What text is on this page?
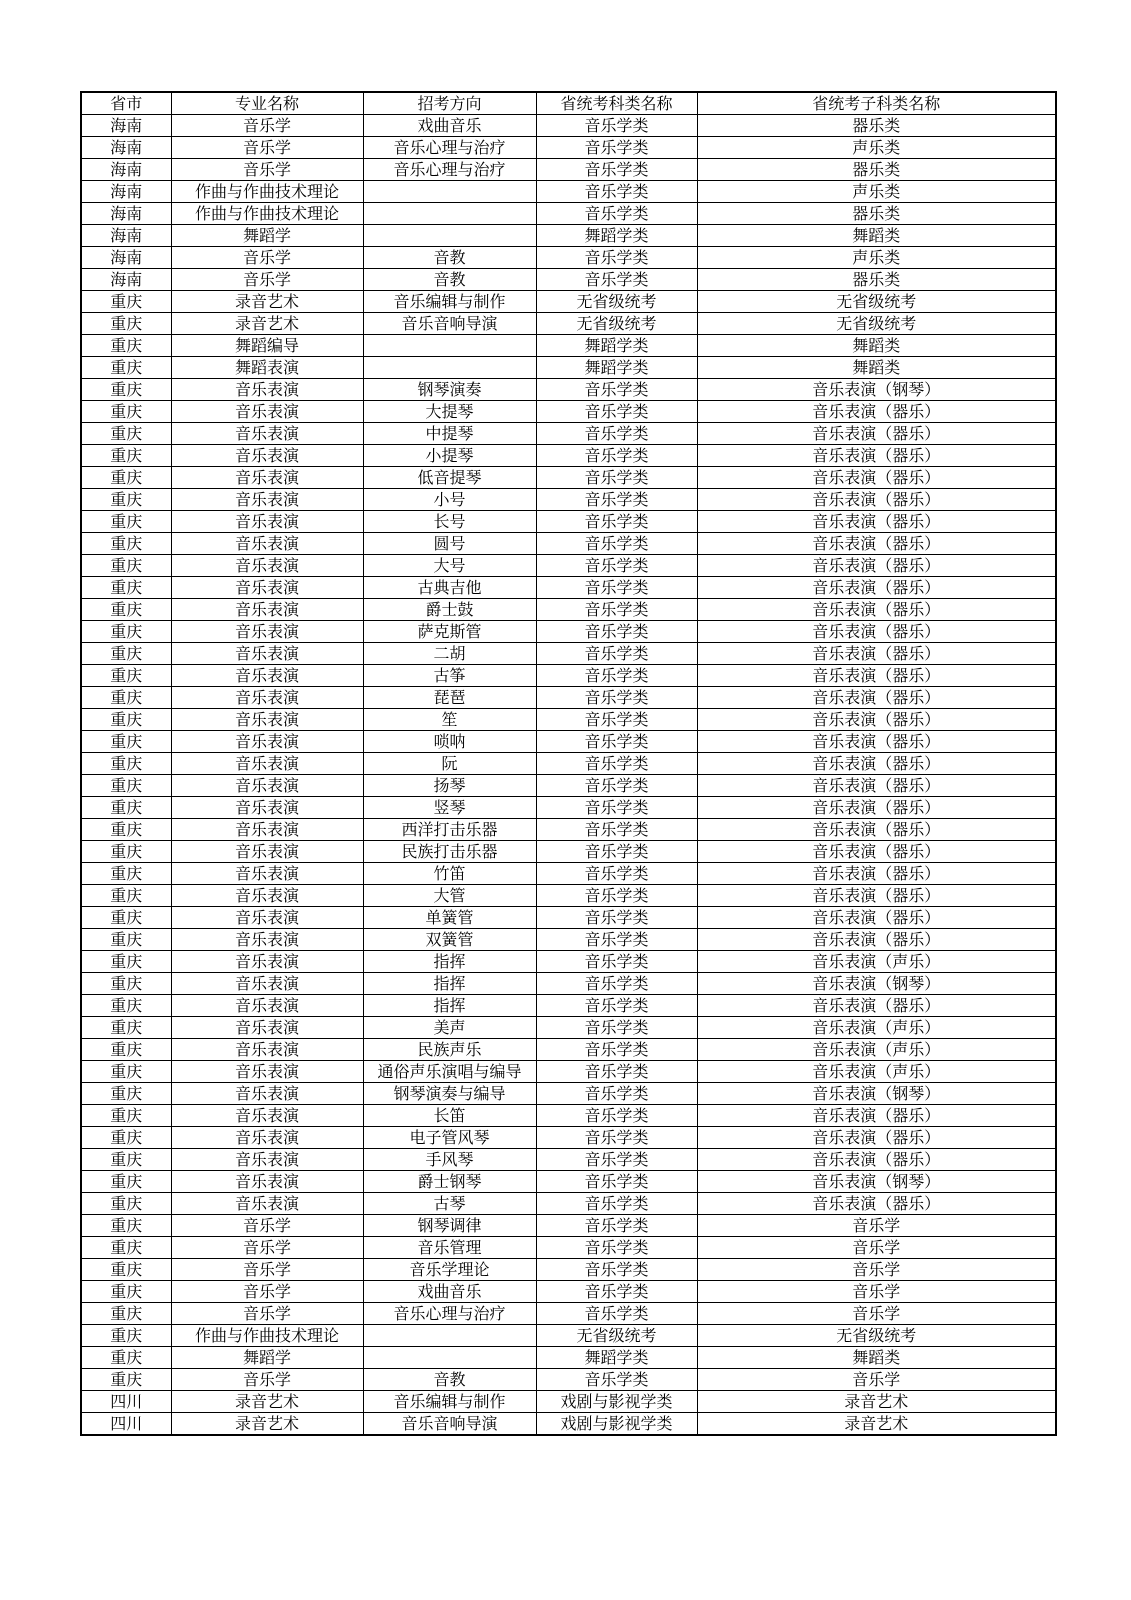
省市	专业名称	招考方向	省统考科类名称	省统考子科类名称
海南	音乐学	戏曲音乐	音乐学类	器乐类
海南	音乐学	音乐心理与治疗	音乐学类	声乐类
海南	音乐学	音乐心理与治疗	音乐学类	器乐类
海南	作曲与作曲技术理论		音乐学类	声乐类
海南	作曲与作曲技术理论		音乐学类	器乐类
海南	舞蹈学		舞蹈学类	舞蹈类
海南	音乐学	音教	音乐学类	声乐类
海南	音乐学	音教	音乐学类	器乐类
重庆	录音艺术	音乐编辑与制作	无省级统考	无省级统考
重庆	录音艺术	音乐音响导演	无省级统考	无省级统考
重庆	舞蹈编导		舞蹈学类	舞蹈类
重庆	舞蹈表演		舞蹈学类	舞蹈类
重庆	音乐表演	钢琴演奏	音乐学类	音乐表演（钢琴）
重庆	音乐表演	大提琴	音乐学类	音乐表演（器乐）
重庆	音乐表演	中提琴	音乐学类	音乐表演（器乐）
重庆	音乐表演	小提琴	音乐学类	音乐表演（器乐）
重庆	音乐表演	低音提琴	音乐学类	音乐表演（器乐）
重庆	音乐表演	小号	音乐学类	音乐表演（器乐）
重庆	音乐表演	长号	音乐学类	音乐表演（器乐）
重庆	音乐表演	圆号	音乐学类	音乐表演（器乐）
重庆	音乐表演	大号	音乐学类	音乐表演（器乐）
重庆	音乐表演	古典吉他	音乐学类	音乐表演（器乐）
重庆	音乐表演	爵士鼓	音乐学类	音乐表演（器乐）
重庆	音乐表演	萨克斯管	音乐学类	音乐表演（器乐）
重庆	音乐表演	二胡	音乐学类	音乐表演（器乐）
重庆	音乐表演	古筝	音乐学类	音乐表演（器乐）
重庆	音乐表演	琵琶	音乐学类	音乐表演（器乐）
重庆	音乐表演	笙	音乐学类	音乐表演（器乐）
重庆	音乐表演	唢呐	音乐学类	音乐表演（器乐）
重庆	音乐表演	阮	音乐学类	音乐表演（器乐）
重庆	音乐表演	扬琴	音乐学类	音乐表演（器乐）
重庆	音乐表演	竖琴	音乐学类	音乐表演（器乐）
重庆	音乐表演	西洋打击乐器	音乐学类	音乐表演（器乐）
重庆	音乐表演	民族打击乐器	音乐学类	音乐表演（器乐）
重庆	音乐表演	竹笛	音乐学类	音乐表演（器乐）
重庆	音乐表演	大管	音乐学类	音乐表演（器乐）
重庆	音乐表演	单簧管	音乐学类	音乐表演（器乐）
重庆	音乐表演	双簧管	音乐学类	音乐表演（器乐）
重庆	音乐表演	指挥	音乐学类	音乐表演（声乐）
重庆	音乐表演	指挥	音乐学类	音乐表演（钢琴）
重庆	音乐表演	指挥	音乐学类	音乐表演（器乐）
重庆	音乐表演	美声	音乐学类	音乐表演（声乐）
重庆	音乐表演	民族声乐	音乐学类	音乐表演（声乐）
重庆	音乐表演	通俗声乐演唱与编导	音乐学类	音乐表演（声乐）
重庆	音乐表演	钢琴演奏与编导	音乐学类	音乐表演（钢琴）
重庆	音乐表演	长笛	音乐学类	音乐表演（器乐）
重庆	音乐表演	电子管风琴	音乐学类	音乐表演（器乐）
重庆	音乐表演	手风琴	音乐学类	音乐表演（器乐）
重庆	音乐表演	爵士钢琴	音乐学类	音乐表演（钢琴）
重庆	音乐表演	古琴	音乐学类	音乐表演（器乐）
重庆	音乐学	钢琴调律	音乐学类	音乐学
重庆	音乐学	音乐管理	音乐学类	音乐学
重庆	音乐学	音乐学理论	音乐学类	音乐学
重庆	音乐学	戏曲音乐	音乐学类	音乐学
重庆	音乐学	音乐心理与治疗	音乐学类	音乐学
重庆	作曲与作曲技术理论		无省级统考	无省级统考
重庆	舞蹈学		舞蹈学类	舞蹈类
重庆	音乐学	音教	音乐学类	音乐学
四川	录音艺术	音乐编辑与制作	戏剧与影视学类	录音艺术
四川	录音艺术	音乐音响导演	戏剧与影视学类	录音艺术
